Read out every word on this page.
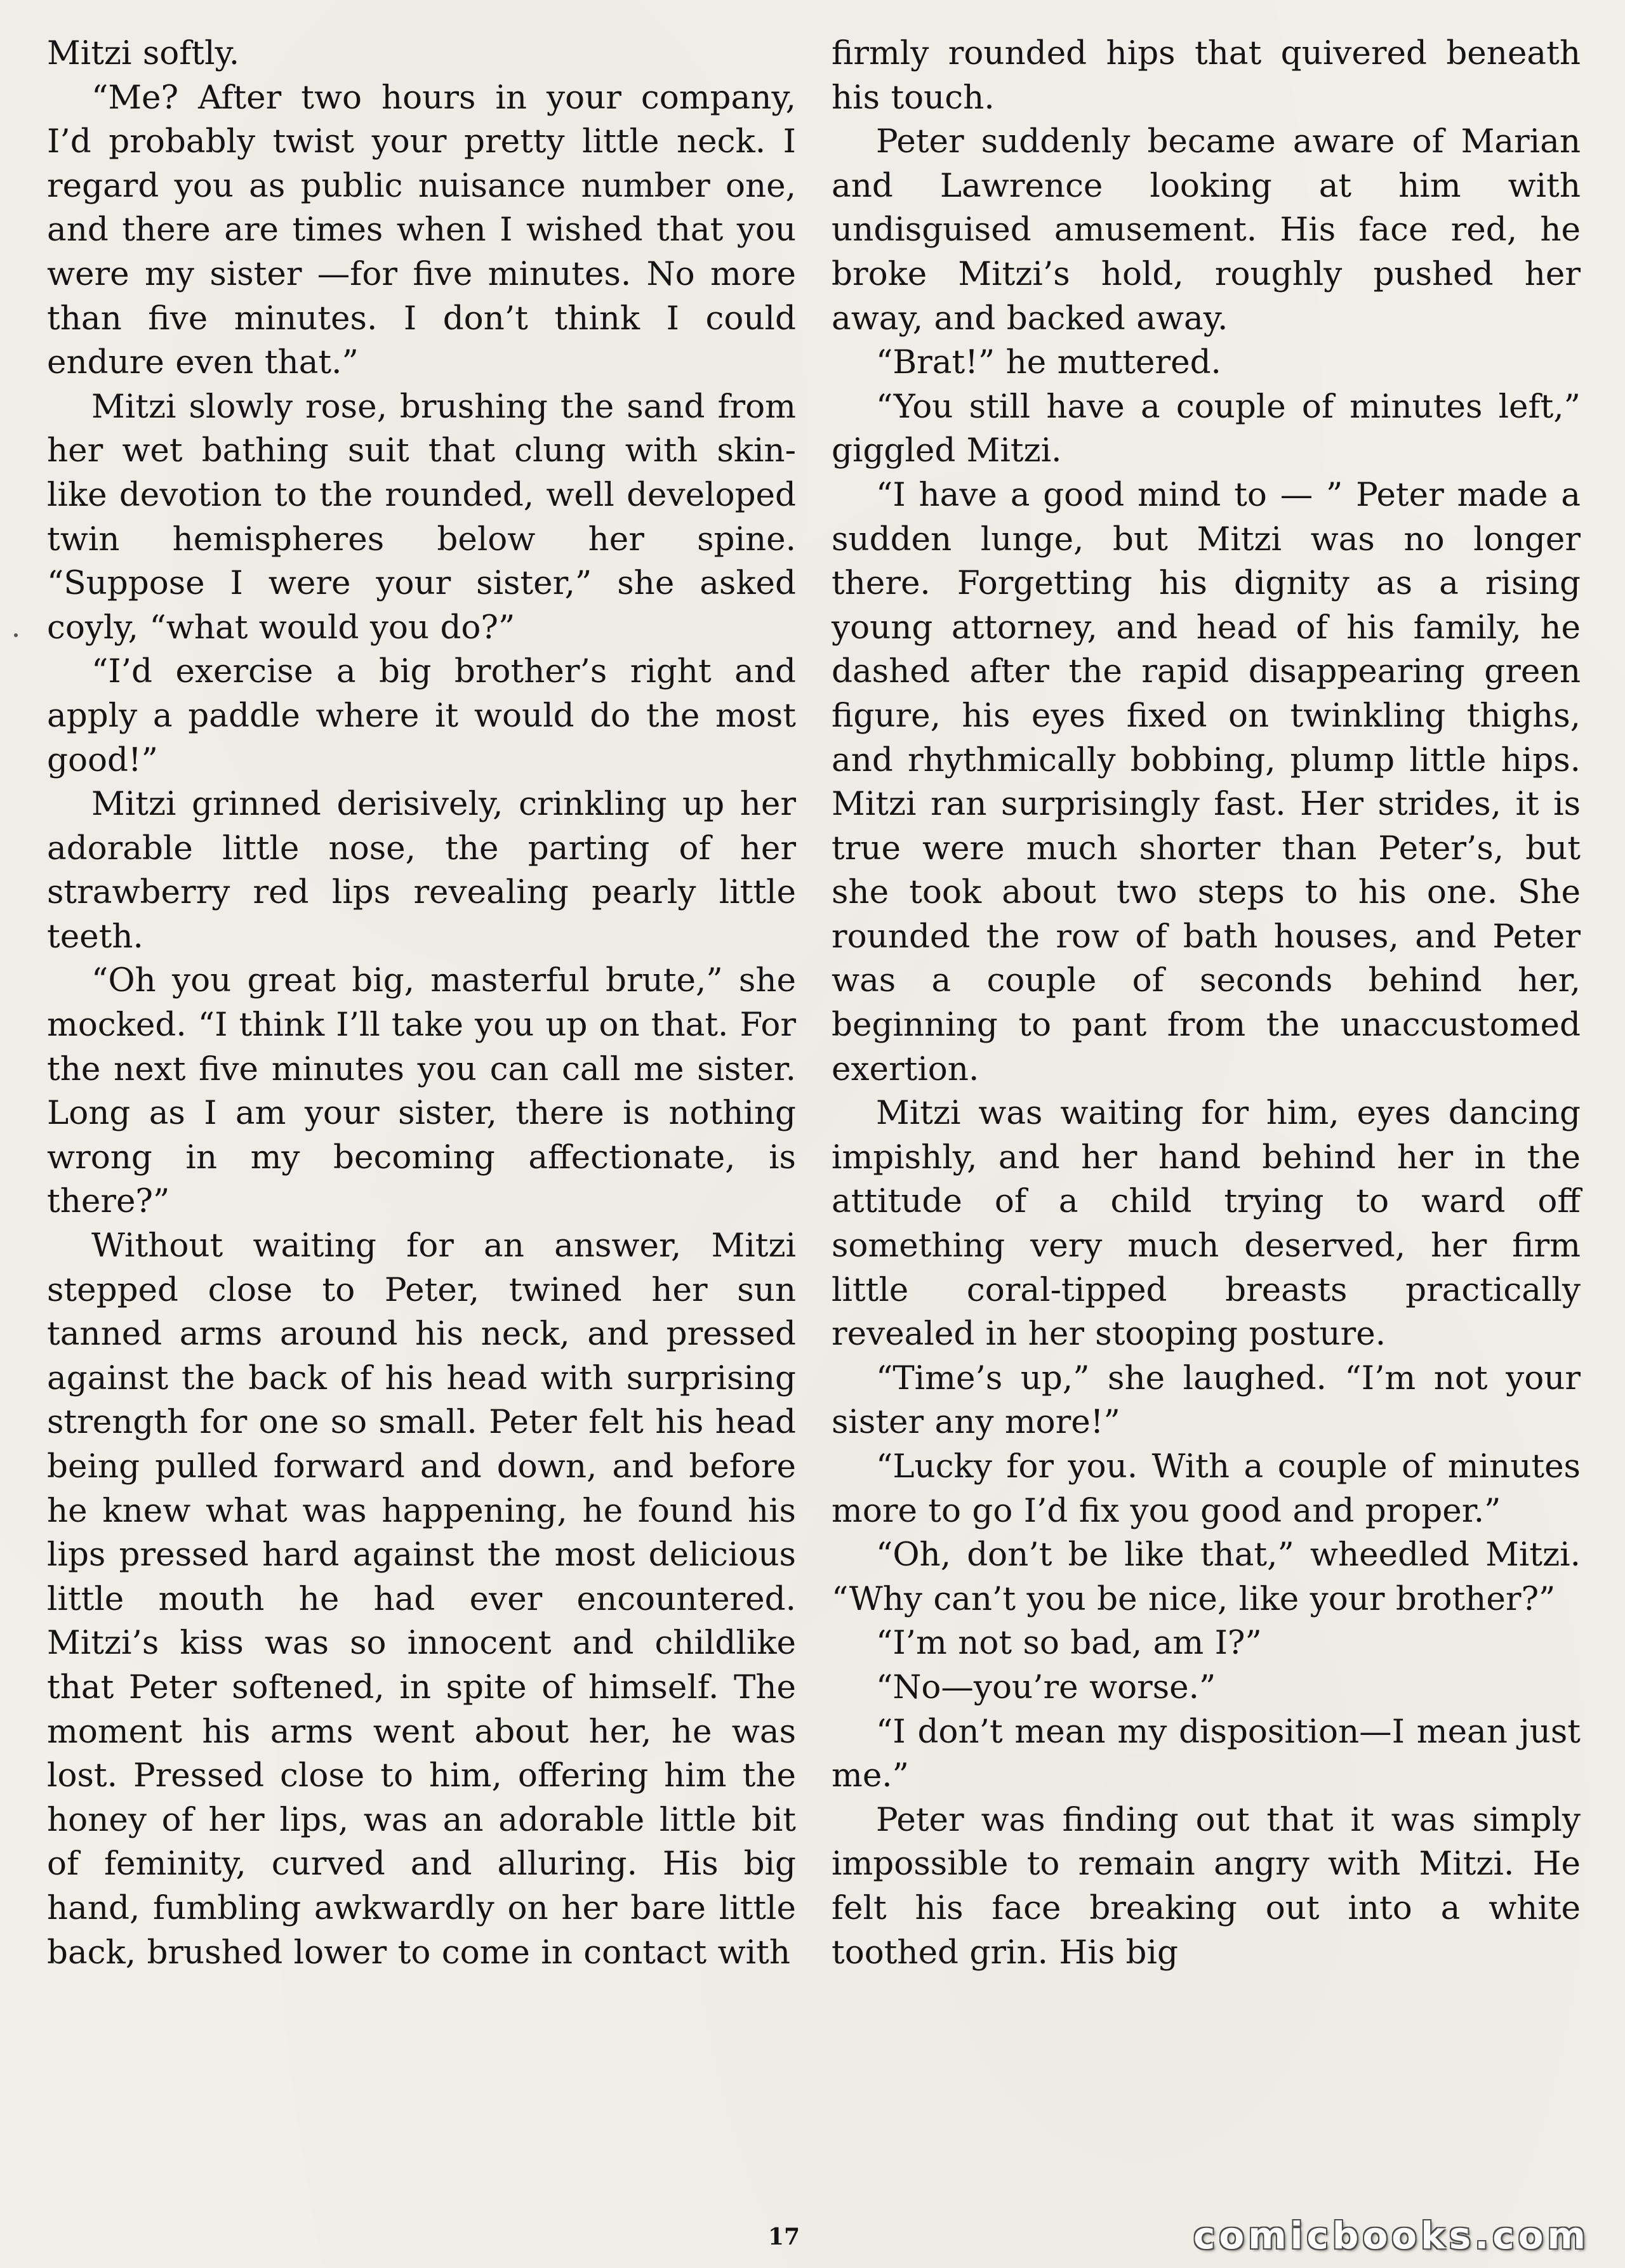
Mitzi softly.

“Me? After two hours in your company, I’d probably twist your pretty little neck. I regard you as public nuisance number one, and there are times when I wished that you were my sister —for five minutes. No more than five minutes. I don’t think I could endure even that.”

Mitzi slowly rose, brushing the sand from her wet bathing suit that clung with skin-like devotion to the rounded, well developed twin hemispheres below her spine. “Suppose I were your sister,” she asked coyly, “what would you do?”

“I’d exercise a big brother’s right and apply a paddle where it would do the most good!”

Mitzi grinned derisively, crinkling up her adorable little nose, the parting of her strawberry red lips revealing pearly little teeth.

“Oh you great big, masterful brute,” she mocked. “I think I’ll take you up on that. For the next five minutes you can call me sister. Long as I am your sister, there is nothing wrong in my becoming affectionate, is there?”

Without waiting for an answer, Mitzi stepped close to Peter, twined her sun tanned arms around his neck, and pressed against the back of his head with surprising strength for one so small. Peter felt his head being pulled forward and down, and before he knew what was happening, he found his lips pressed hard against the most delicious little mouth he had ever encountered. Mitzi’s kiss was so innocent and childlike that Peter softened, in spite of himself. The moment his arms went about her, he was lost. Pressed close to him, offering him the honey of her lips, was an adorable little bit of feminity, curved and alluring. His big hand, fumbling awkwardly on her bare little back, brushed lower to come in contact with

firmly rounded hips that quivered beneath his touch.

Peter suddenly became aware of Marian and Lawrence looking at him with undisguised amusement. His face red, he broke Mitzi’s hold, roughly pushed her away, and backed away.

“Brat!” he muttered.

“You still have a couple of minutes left,” giggled Mitzi.

“I have a good mind to — ” Peter made a sudden lunge, but Mitzi was no longer there. Forgetting his dignity as a rising young attorney, and head of his family, he dashed after the rapid disappearing green figure, his eyes fixed on twinkling thighs, and rhythmically bobbing, plump little hips. Mitzi ran surprisingly fast. Her strides, it is true were much shorter than Peter’s, but she took about two steps to his one. She rounded the row of bath houses, and Peter was a couple of seconds behind her, beginning to pant from the unaccustomed exertion.

Mitzi was waiting for him, eyes dancing impishly, and her hand behind her in the attitude of a child trying to ward off something very much deserved, her firm little coral-tipped breasts practically revealed in her stooping posture.

“Time’s up,” she laughed. “I’m not your sister any more!”

“Lucky for you. With a couple of minutes more to go I’d fix you good and proper.”

“Oh, don’t be like that,” wheedled Mitzi. “Why can’t you be nice, like your brother?”

“I’m not so bad, am I?”

“No—you’re worse.”

“I don’t mean my disposition—I mean just me.”

Peter was finding out that it was simply impossible to remain angry with Mitzi. He felt his face breaking out into a white toothed grin. His big

17	comicbooks.com
